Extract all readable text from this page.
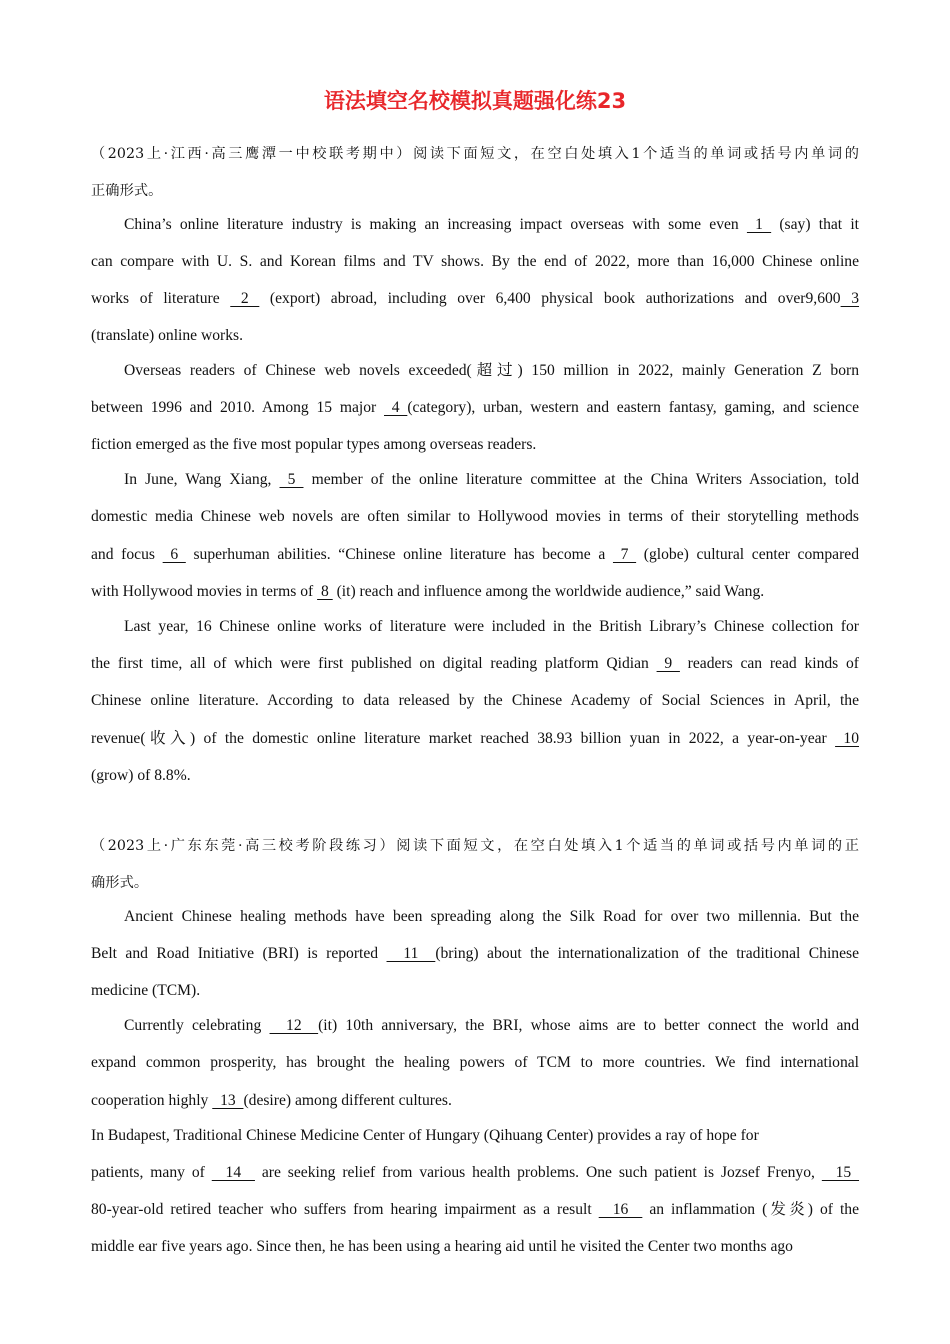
语法填空名校模拟真题强化练23
（2023上·江西·高三鹰潭一中校联考期中）阅读下面短文，在空白处填入1个适当的单词或括号内单词的
正确形式。
China’s online literature industry is making an increasing impact overseas with some even  1  (say) that it
can compare with U. S. and Korean films and TV shows. By the end of 2022, more than 16,000 Chinese online
works of literature  2  (export) abroad, including over 6,400 physical book authorizations and over9,600 3
(translate) online works.
Overseas readers of Chinese web novels exceeded(超过) 150 million in 2022, mainly Generation Z born
between 1996 and 2010. Among 15 major  4 (category), urban, western and eastern fantasy, gaming, and science
fiction emerged as the five most popular types among overseas readers.
In June, Wang Xiang,  5  member of the online literature committee at the China Writers Association, told
domestic media Chinese web novels are often similar to Hollywood movies in terms of their storytelling methods
and focus  6  superhuman abilities. “Chinese online literature has become a  7  (globe) cultural center compared
with Hollywood movies in terms of  8  (it) reach and influence among the worldwide audience,” said Wang.
Last year, 16 Chinese online works of literature were included in the British Library’s Chinese collection for
the first time, all of which were first published on digital reading platform Qidian  9  readers can read kinds of
Chinese online literature. According to data released by the Chinese Academy of Social Sciences in April, the
revenue(收入) of the domestic online literature market reached 38.93 billion yuan in 2022, a year-on-year  10
(grow) of 8.8%.
（2023上·广东东莞·高三校考阶段练习）阅读下面短文，在空白处填入1个适当的单词或括号内单词的正
确形式。
Ancient Chinese healing methods have been spreading along the Silk Road for over two millennia. But the
Belt and Road Initiative (BRI) is reported   11  (bring) about the internationalization of the traditional Chinese
medicine (TCM).
Currently celebrating   12  (it) 10th anniversary, the BRI, whose aims are to better connect the world and
expand common prosperity, has brought the healing powers of TCM to more countries. We find international
cooperation highly   13  (desire) among different cultures.
In Budapest, Traditional Chinese Medicine Center of Hungary (Qihuang Center) provides a ray of hope for
patients, many of   14   are seeking relief from various health problems. One such patient is Jozsef Frenyo,   15
80-year-old retired teacher who suffers from hearing impairment as a result   16   an inflammation (发炎) of the
middle ear five years ago. Since then, he has been using a hearing aid until he visited the Center two months ago
